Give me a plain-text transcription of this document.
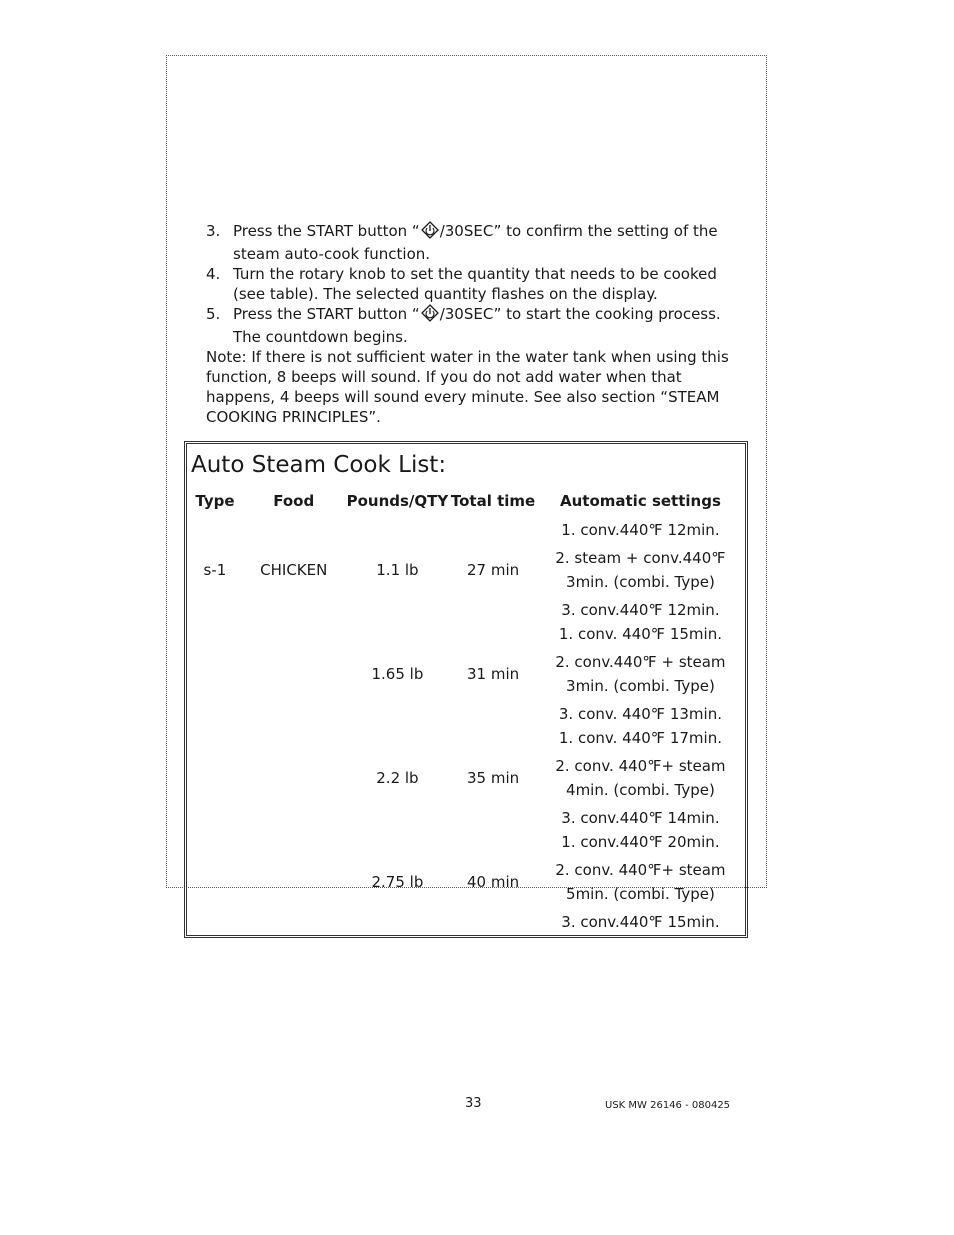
3. Press the START button “ /30SEC” to confirm the setting of the steam auto-cook function.
4. Turn the rotary knob to set the quantity that needs to be cooked (see table). The selected quantity flashes on the display.
5. Press the START button “ /30SEC” to start the cooking process. The countdown begins.
Note: If there is not sufficient water in the water tank when using this function, 8 beeps will sound. If you do not add water when that happens, 4 beeps will sound every minute. See also section “STEAM COOKING PRINCIPLES”.
Auto Steam Cook List:
Type	Food	Pounds/QTY	Total time	Automatic settings
s-1	CHICKEN	1.1 lb	27 min	1. conv.440℉ 12min.
2. steam + conv.440℉ 3min. (combi. Type)
3. conv.440℉ 12min.

		1.65 lb	31 min	1. conv. 440℉ 15min.
2. conv.440℉ + steam 3min. (combi. Type)
3. conv. 440℉ 13min.

		2.2 lb	35 min	1. conv. 440℉ 17min.
2. conv. 440℉+ steam 4min. (combi. Type)
3. conv.440℉ 14min.

		2.75 lb	40 min	1. conv.440℉ 20min.
2. conv. 440℉+ steam 5min. (combi. Type)
3. conv.440℉ 15min.
33	USK MW 26146 - 080425
